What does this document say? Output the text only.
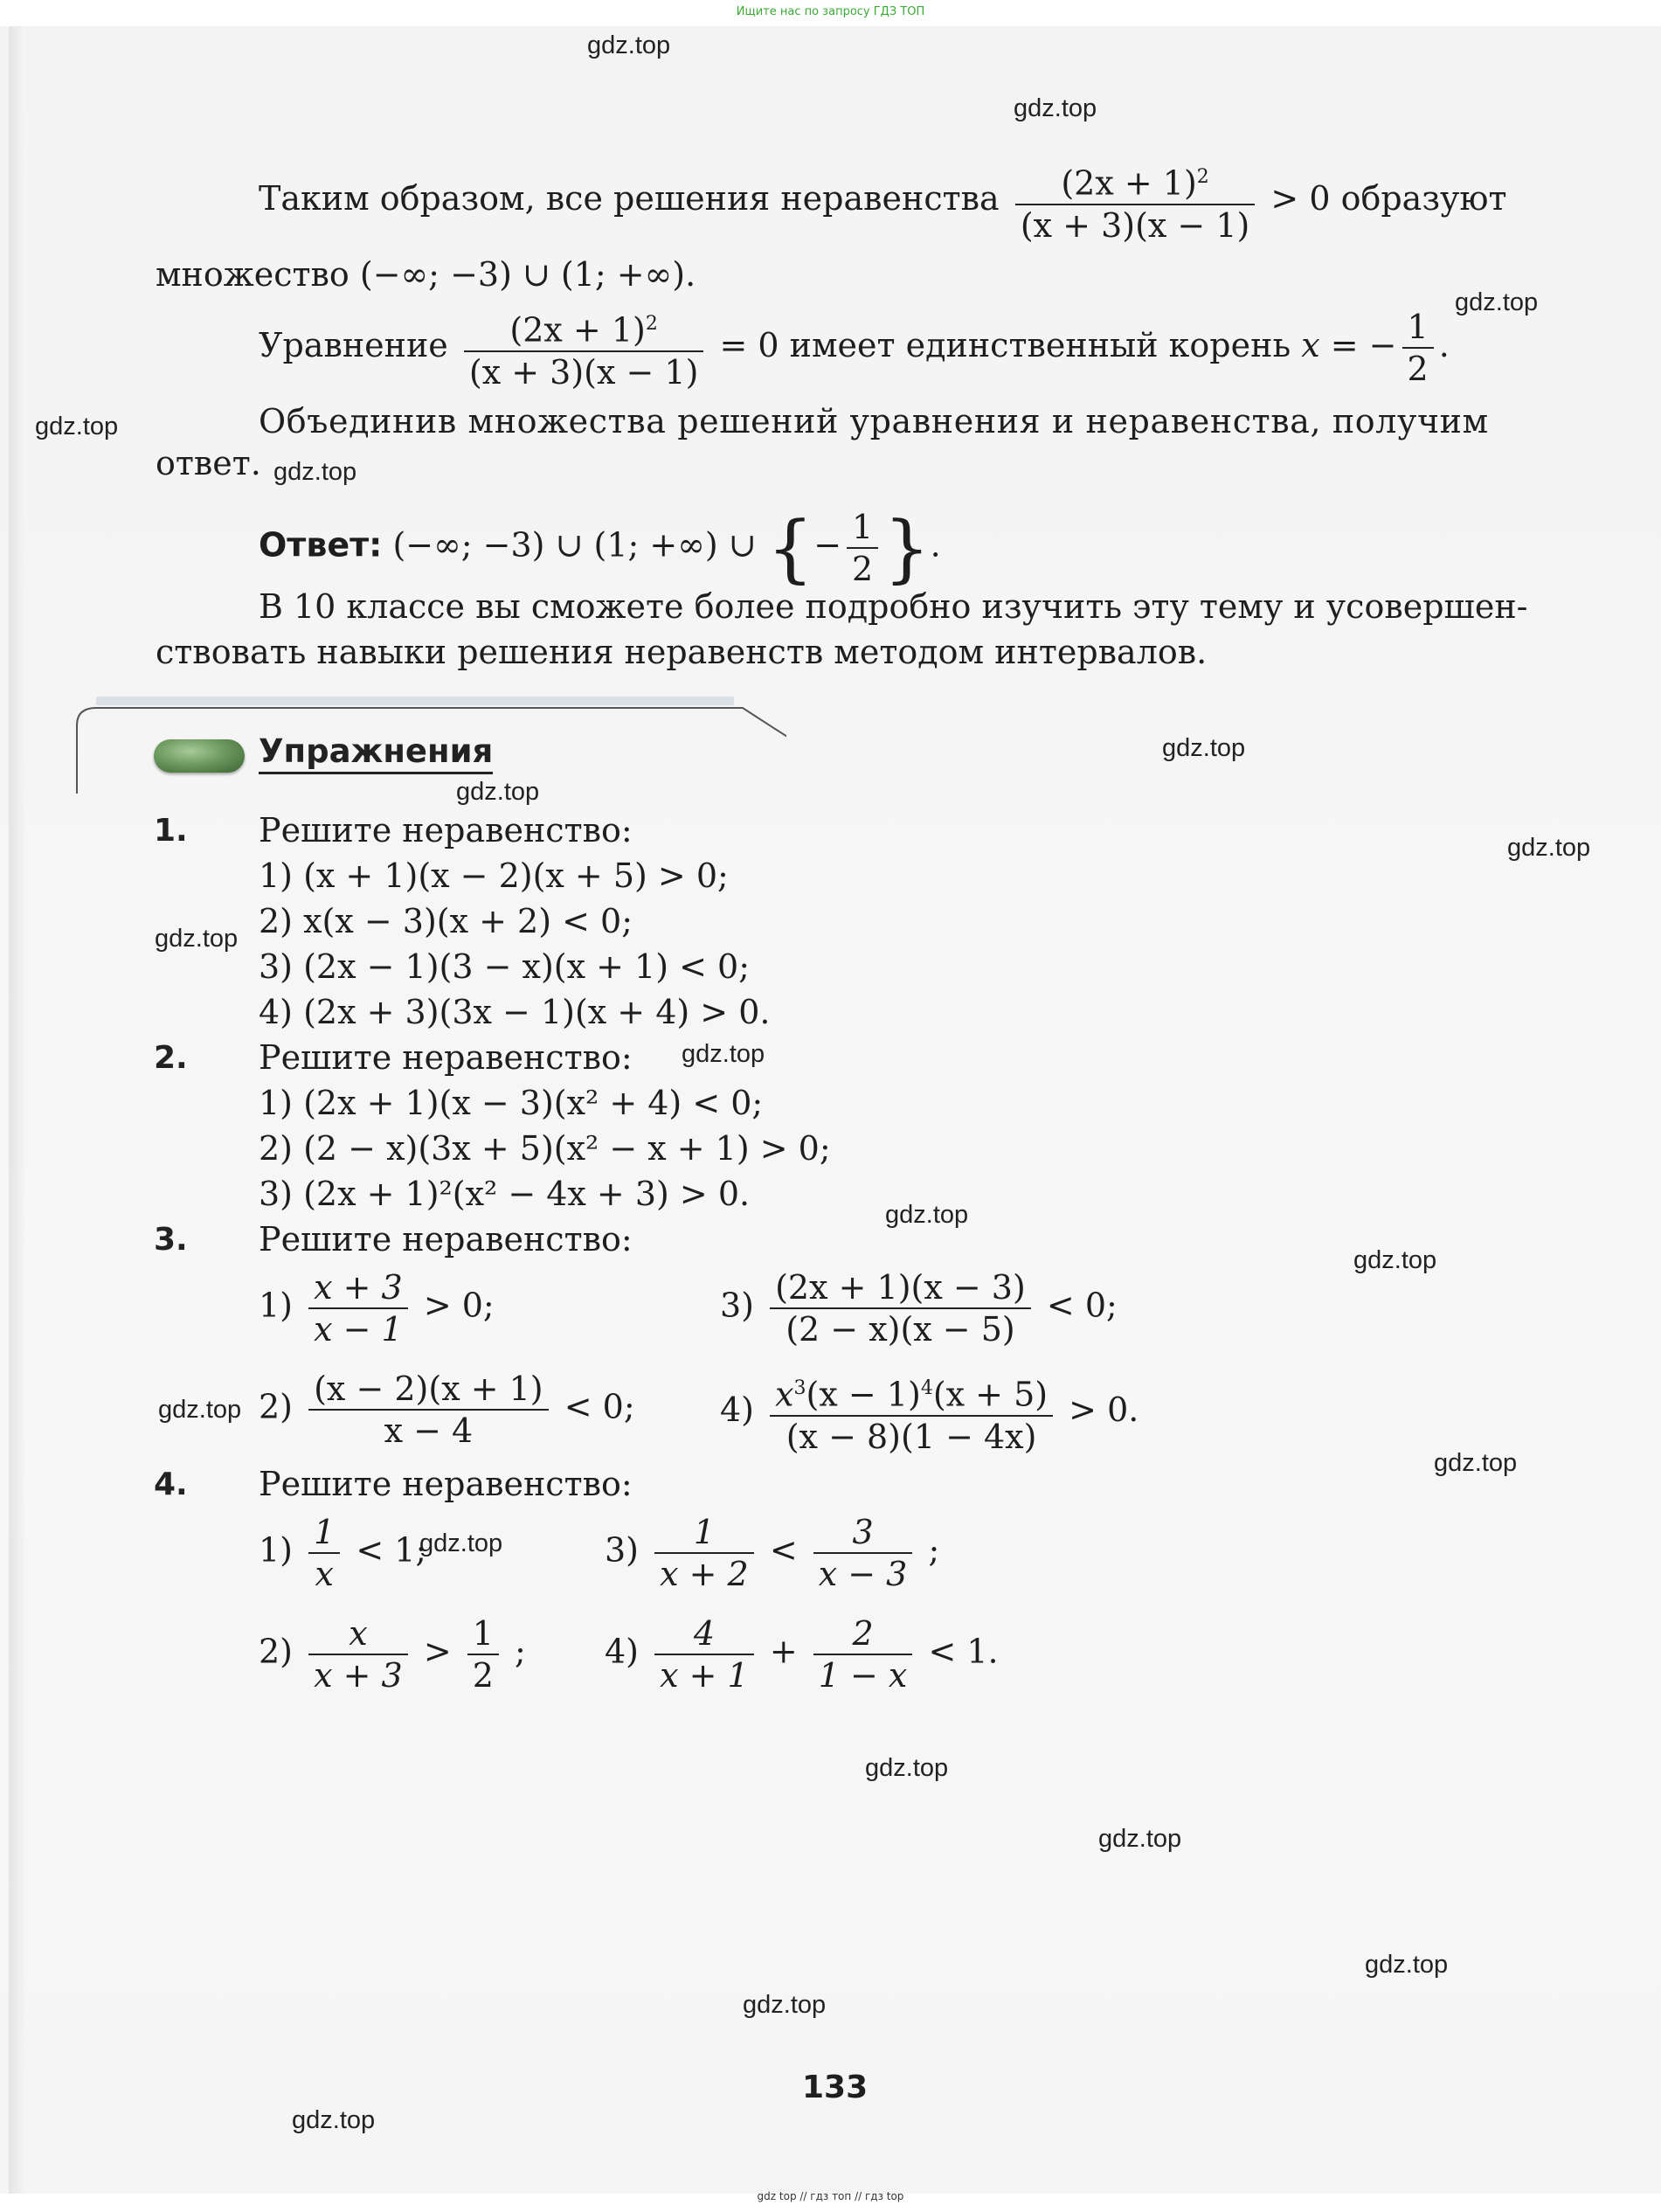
Ищите нас по запросу ГДЗ ТОП
gdz.top
gdz.top
gdz.top
gdz.top
gdz.top
gdz.top
gdz.top
gdz.top
gdz.top
gdz.top
gdz.top
gdz.top
gdz.top
gdz.top
gdz.top
gdz.top
gdz.top
gdz.top
gdz.top
gdz.top
Таким образом, все решения неравенства $\frac{(2x + 1)^2}{(x + 3)(x - 1)} > 0$ образуют
множество (−∞; −3) ∪ (1; +∞).
Уравнение $\frac{(2x + 1)^2}{(x + 3)(x - 1)} = 0$ имеет единственный корень x = − $\frac{1}{2}$ .
Объединив множества решений уравнения и неравенства, получим
ответ.
Ответ: (−∞; −3) ∪ (1; +∞) ∪ {− $\frac{1}{2}$ }.
В 10 классе вы сможете более подробно изучить эту тему и усовершен-
ствовать навыки решения неравенств методом интервалов.
Упражнения
1. Решите неравенство:
1) (x + 1)(x − 2)(x + 5) > 0;
2) x(x − 3)(x + 2) < 0;
3) (2x − 1)(3 − x)(x + 1) < 0;
4) (2x + 3)(3x − 1)(x + 4) > 0.
2. Решите неравенство:
1) (2x + 1)(x − 3)(x² + 4) < 0;
2) (2 − x)(3x + 5)(x² − x + 1) > 0;
3) (2x + 1)²(x² − 4x + 3) > 0.
3. Решите неравенство:
$1) \frac{x + 3}{x - 1} > 0$;	$3) \frac{(2x + 1)(x - 3)}{(2 - x)(x - 5)} < 0$;
$2) \frac{(x - 2)(x + 1)}{x - 4} < 0$;	$4) \frac{x^3(x - 1)^4(x + 5)}{(x - 8)(1 - 4x)} > 0$.
4. Решите неравенство:
$1) \frac{1}{x} < 1$;	$3) \frac{1}{x + 2} < \frac{3}{x - 3}$ ;
$2) \frac{x}{x + 3} > \frac{1}{2}$ ; $4) \frac{4}{x + 1} + \frac{2}{1 - x} < 1$.
133
gdz top // гдз топ // гдз top
